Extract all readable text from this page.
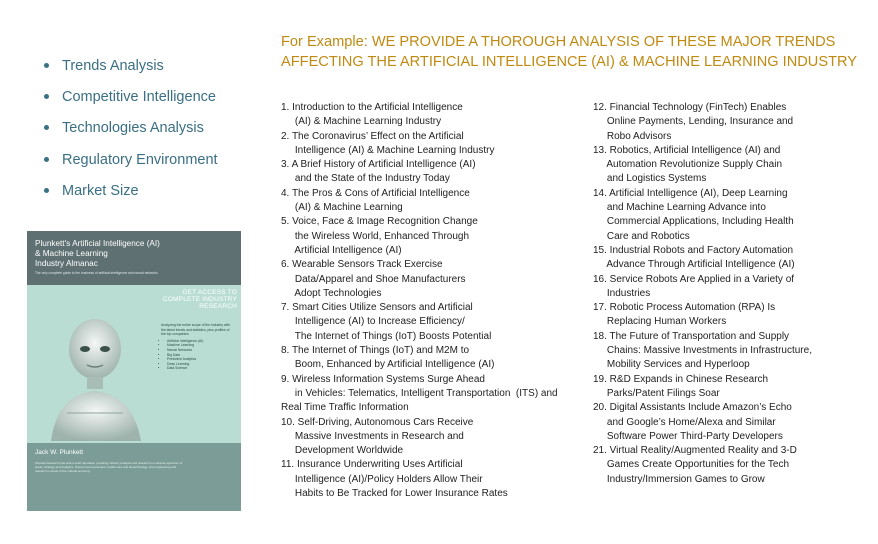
Trends Analysis
Competitive Intelligence
Technologies Analysis
Regulatory Environment
Market Size
Plunkett's Artificial Intelligence (AI)
& Machine Learning
Industry Almanac
The only complete guide to the business of artificial intelligence and neural networks
GET ACCESS TO COMPLETE INDUSTRY RESEARCH
Analyzing the entire scope of the industry with the latest trends and statistics, plus profiles of the top companies
• Artificial Intelligence (AI)
• Machine Learning
• Neural Networks
• Big Data
• Predictive Analytics
• Deep Learning
• Data Science
Jack W. Plunkett
Plunkett Research has built a solid reputation providing industry analysis and research in a diverse spectrum of areas, strategy and analytics, finance and investment, health care and biotechnology, and engineering and research in areas of the cultural economy.
For Example: WE PROVIDE A THOROUGH ANALYSIS OF THESE MAJOR TRENDS AFFECTING THE ARTIFICIAL INTELLIGENCE (AI) & MACHINE LEARNING INDUSTRY
1. Introduction to the Artificial Intelligence
(AI) & Machine Learning Industry
2. The Coronavirus’ Effect on the Artificial
Intelligence (AI) & Machine Learning Industry
3. A Brief History of Artificial Intelligence (AI)
and the State of the Industry Today
4. The Pros & Cons of Artificial Intelligence
(AI) & Machine Learning
5. Voice, Face & Image Recognition Change
the Wireless World, Enhanced Through
Artificial Intelligence (AI)
6. Wearable Sensors Track Exercise
Data/Apparel and Shoe Manufacturers
Adopt Technologies
7. Smart Cities Utilize Sensors and Artificial
Intelligence (AI) to Increase Efficiency/
The Internet of Things (IoT) Boosts Potential
8. The Internet of Things (IoT) and M2M to
Boom, Enhanced by Artificial Intelligence (AI)
9. Wireless Information Systems Surge Ahead
in Vehicles: Telematics, Intelligent Transportation  (ITS) and
Real Time Traffic Information
10. Self-Driving, Autonomous Cars Receive
Massive Investments in Research and
Development Worldwide
11. Insurance Underwriting Uses Artificial
Intelligence (AI)/Policy Holders Allow Their
Habits to Be Tracked for Lower Insurance Rates
12. Financial Technology (FinTech) Enables
Online Payments, Lending, Insurance and
Robo Advisors
13. Robotics, Artificial Intelligence (AI) and
Automation Revolutionize Supply Chain
and Logistics Systems
14. Artificial Intelligence (AI), Deep Learning
and Machine Learning Advance into
Commercial Applications, Including Health
Care and Robotics
15. Industrial Robots and Factory Automation
Advance Through Artificial Intelligence (AI)
16. Service Robots Are Applied in a Variety of
Industries
17. Robotic Process Automation (RPA) Is
Replacing Human Workers
18. The Future of Transportation and Supply
Chains: Massive Investments in Infrastructure,
Mobility Services and Hyperloop
19. R&D Expands in Chinese Research
Parks/Patent Filings Soar
20. Digital Assistants Include Amazon’s Echo
and Google’s Home/Alexa and Similar
Software Power Third-Party Developers
21. Virtual Reality/Augmented Reality and 3-D
Games Create Opportunities for the Tech
Industry/Immersion Games to Grow
